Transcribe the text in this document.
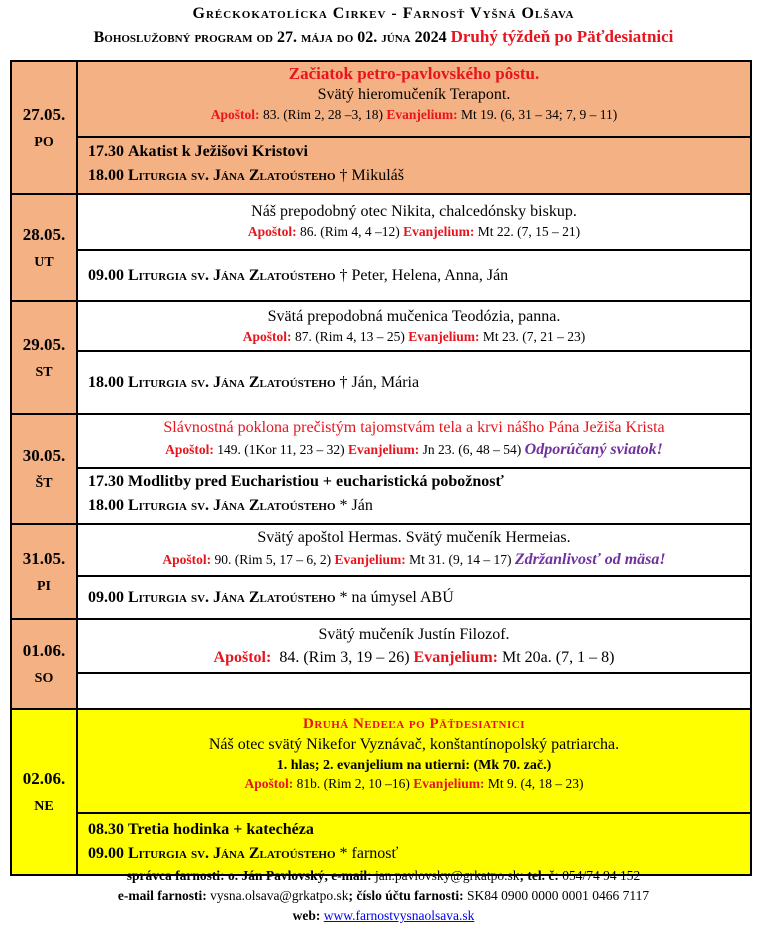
Gréckokatolícka Cirkev - Farnosť Vyšná Olšava
Bohoslužobný program od 27. mája do 02. júna 2024 Druhý týždeň po Päťdesiatnici
27.05.
PO
Začiatok petro-pavlovského pôstu.
Svätý hieromučeník Terapont.
Apoštol: 83. (Rim 2, 28 –3, 18) Evanjelium: Mt 19. (6, 31 – 34; 7, 9 – 11)
17.30 Akatist k Ježišovi Kristovi
18.00 Liturgia sv. Jána Zlatoústeho † Mikuláš
28.05.
UT
Náš prepodobný otec Nikita, chalcedónsky biskup.
Apoštol: 86. (Rim 4, 4 –12) Evanjelium: Mt 22. (7, 15 – 21)
09.00 Liturgia sv. Jána Zlatoústeho † Peter, Helena, Anna, Ján
29.05.
ST
Svätá prepodobná mučenica Teodózia, panna.
Apoštol: 87. (Rim 4, 13 – 25) Evanjelium: Mt 23. (7, 21 – 23)
18.00 Liturgia sv. Jána Zlatoústeho † Ján, Mária
30.05.
ŠT
Slávnostná poklona prečistým tajomstvám tela a krvi nášho Pána Ježiša Krista
Apoštol: 149. (1Kor 11, 23 – 32) Evanjelium: Jn 23. (6, 48 – 54) Odporúčaný sviatok!
17.30 Modlitby pred Eucharistiou + eucharistická pobožnosť
18.00 Liturgia sv. Jána Zlatoústeho * Ján
31.05.
PI
Svätý apoštol Hermas. Svätý mučeník Hermeias.
Apoštol: 90. (Rim 5, 17 – 6, 2) Evanjelium: Mt 31. (9, 14 – 17) Zdržanlivosť od mäsa!
09.00 Liturgia sv. Jána Zlatoústeho * na úmysel ABÚ
01.06.
SO
Svätý mučeník Justín Filozof.
Apoštol: 84. (Rim 3, 19 – 26) Evanjelium: Mt 20a. (7, 1 – 8)
02.06.
NE
Druhá Nedeľa po Päťdesiatnici
Náš otec svätý Nikefor Vyznávač, konštantínopolský patriarcha.
1. hlas; 2. evanjelium na utierni: (Mk 70. zač.)
Apoštol: 81b. (Rim 2, 10 –16) Evanjelium: Mt 9. (4, 18 – 23)
08.30 Tretia hodinka + katechéza
09.00 Liturgia sv. Jána Zlatoústeho * farnosť
správca farnosti: o. Ján Pavlovský, e-mail: jan.pavlovsky@grkatpo.sk; tel. č: 054/74 94 152
e-mail farnosti: vysna.olsava@grkatpo.sk; číslo účtu farnosti: SK84 0900 0000 0001 0466 7117
web: www.farnostvysnaolsava.sk
